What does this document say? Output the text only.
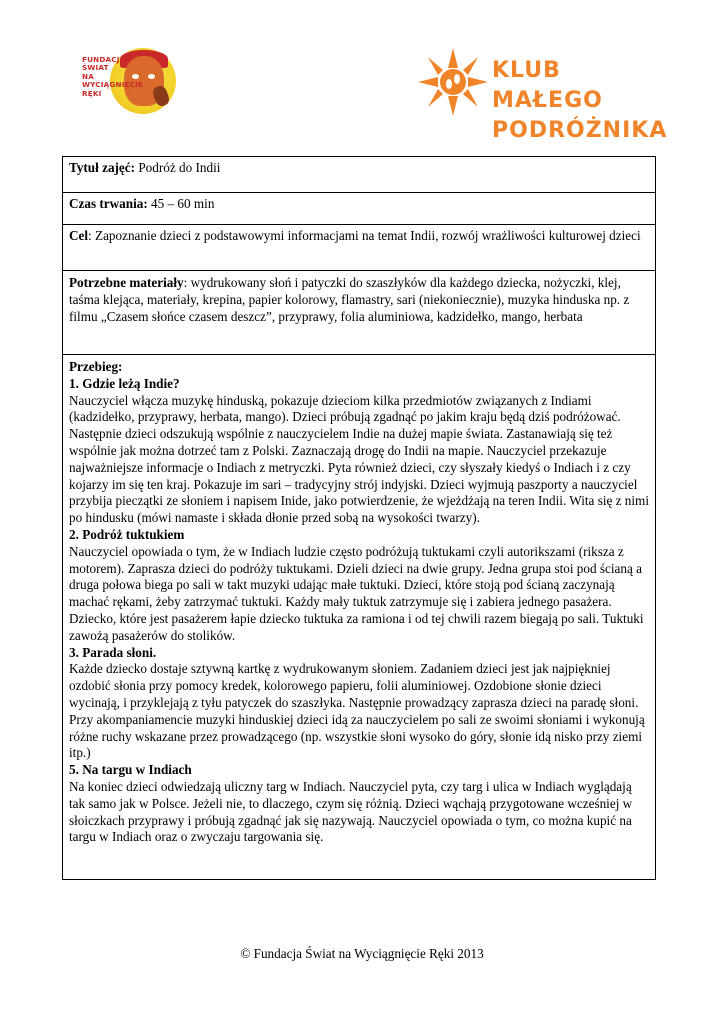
FUNDACJA
ŚWIAT
NA
WYCIĄGNIĘCIE
RĘKI
KLUB MAŁEGO
PODRÓŻNIKA
Tytuł zajęć: Podróż do Indii
Czas trwania: 45 – 60 min
Cel: Zapoznanie dzieci z podstawowymi informacjami na temat Indii, rozwój wrażliwości kulturowej dzieci
Potrzebne materiały: wydrukowany słoń i patyczki do szaszłyków dla każdego dziecka, nożyczki, klej, taśma klejąca, materiały, krepina, papier kolorowy, flamastry, sari (niekoniecznie), muzyka hinduska np. z filmu „Czasem słońce czasem deszcz”, przyprawy, folia aluminiowa, kadzidełko, mango, herbata
Przebieg:
1. Gdzie leżą Indie?
Nauczyciel włącza muzykę hinduską, pokazuje dzieciom kilka przedmiotów związanych z Indiami (kadzidełko, przyprawy, herbata, mango). Dzieci próbują zgadnąć po jakim kraju będą dziś podróżować. Następnie dzieci odszukują wspólnie z nauczycielem Indie na dużej mapie świata. Zastanawiają się też wspólnie jak można dotrzeć tam z Polski. Zaznaczają drogę do Indii na mapie. Nauczyciel przekazuje najważniejsze informacje o Indiach z metryczki. Pyta również dzieci, czy słyszały kiedyś o Indiach i z czy kojarzy im się ten kraj. Pokazuje im sari – tradycyjny strój indyjski. Dzieci wyjmują paszporty a nauczyciel przybija pieczątki ze słoniem i napisem Inide, jako potwierdzenie, że wjeżdżają na teren Indii. Wita się z nimi po hindusku (mówi namaste i składa dłonie przed sobą na wysokości twarzy).
2. Podróż tuktukiem
Nauczyciel opowiada o tym, że w Indiach ludzie często podróżują tuktukami czyli autorikszami (riksza z motorem). Zaprasza dzieci do podróży tuktukami. Dzieli dzieci na dwie grupy. Jedna grupa stoi pod ścianą a druga połowa biega po sali w takt muzyki udając małe tuktuki. Dzieci, które stoją pod ścianą zaczynają machać rękami, żeby zatrzymać tuktuki. Każdy mały tuktuk zatrzymuje się i zabiera jednego pasażera. Dziecko, które jest pasażerem łapie dziecko tuktuka za ramiona i od tej chwili razem biegają po sali. Tuktuki zawożą pasażerów do stolików.
3. Parada słoni.
Każde dziecko dostaje sztywną kartkę z wydrukowanym słoniem. Zadaniem dzieci jest jak najpiękniej ozdobić słonia przy pomocy kredek, kolorowego papieru, folii aluminiowej. Ozdobione słonie dzieci wycinają, i przyklejają z tyłu patyczek do szaszłyka. Następnie prowadzący zaprasza dzieci na paradę słoni. Przy akompaniamencie muzyki hinduskiej dzieci idą za nauczycielem po sali ze swoimi słoniami i wykonują różne ruchy wskazane przez prowadzącego (np. wszystkie słoni wysoko do góry, słonie idą nisko przy ziemi itp.)
5. Na targu w Indiach
Na koniec dzieci odwiedzają uliczny targ w Indiach. Nauczyciel pyta, czy targ i ulica w Indiach wyglądają tak samo jak w Polsce. Jeżeli nie, to dlaczego, czym się różnią. Dzieci wąchają przygotowane wcześniej w słoiczkach przyprawy i próbują zgadnąć jak się nazywają. Nauczyciel opowiada o tym, co można kupić na targu w Indiach oraz o zwyczaju targowania się.
© Fundacja Świat na Wyciągnięcie Ręki 2013
